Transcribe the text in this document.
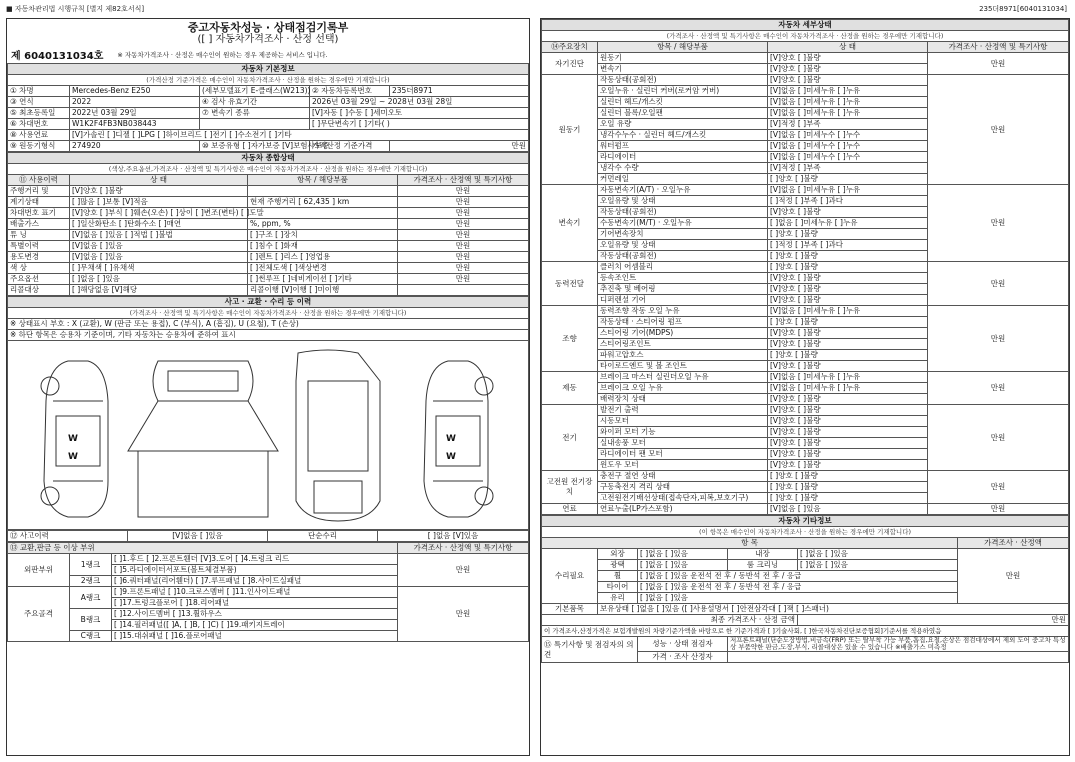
■ 자동차관리법 시행규칙 [별지 제82호서식]	235더8971[6040131034]
중고자동차성능 · 상태점검기록부
([ ] 자동차가격조사 · 산정 선택)
제 6040131034호 ※ 자동차가격조사 · 산정은 매수인이 원하는 경우 제공하는 서비스 입니다.
자동차 기본정보				
(가격산정 기준가격은 매수인이 자동차가격조사 · 산정을 원하는 경우에만 기재합니다)				
① 차명	Mercedes-Benz E250	(세부모델표기 E-클래스(W213))	② 자동차등록번호	235더8971
③ 연식	2022	④ 검사 유효기간	2026년 03월 29일 ~ 2028년 03월 28일	
⑤ 최초등록일	2022년 03월 29일	⑦ 변속기 종류	[V]자동 [ ]수동 [ ]세미오토	
⑥ 차대번호	W1K2F4FB3NB038443		[ ]무단변속기 [ ]기타( )	
⑧ 사용연료	[V]가솔린 [ ]디젤 [ ]LPG [ ]하이브리드 [ ]전기 [ ]수소전기 [ ]기타			
⑨ 원동기형식	274920	⑩ 보증유형 [ ]자가보증 [V]보험사보증	가격산정 기준가격	만원
자동차 종합상태			
(색상,주요옵션,가격조사 · 산정액 및 특기사항은 매수인이 자동차가격조사 · 산정을 원하는 경우에만 기재합니다)			
⑪ 사용이력	상 태	항목 / 해당부품	가격조사 · 산정액 및 특기사항
주행거리 및	[V]양호 [ ]불량		만원
계기상태	[ ]많음 [ ]보통 [V]적음	현재 주행거리 [ 62,435 ] km	만원
차대번호 표기	[V]양호 [ ]부식 [ ]훼손(오손) [ ]상이 [ ]변조(변타) [ ]도말		만원
배출가스	[ ]일산화탄소 [ ]탄화수소 [ ]매연	%, ppm, %	만원
튜 닝	[V]없음 [ ]있음 [ ]적법 [ ]불법	[ ]구조 [ ]장치	만원
특별이력	[V]없음 [ ]있음	[ ]침수 [ ]화재	만원
용도변경	[V]없음 [ ]있음	[ ]렌트 [ ]리스 [ ]영업용	만원
색 상	[ ]무채색 [ ]유채색	[ ]전체도색 [ ]색상변경	만원
주요옵션	[ ]없음 [ ]있음	[ ]썬루프 [ ]네비게이션 [ ]기타	만원
리콜대상	[ ]해당없음 [V]해당	리콜이행 [V]이행 [ ]미이행	
사고 · 교환 · 수리 등 이력
(가격조사 · 산정액 및 특기사항은 매수인이 자동차가격조사 · 산정을 원하는 경우에만 기재합니다)
※ 상태표시 부호 : X (교환), W (판금 또는 용접), C (부식), A (흠집), U (요철), T (손상)
※ 하단 항목은 승용차 기준이며, 기타 자동차는 승용차에 준하여 표시
W
W
W
W
⑫ 사고이력	[V]없음 [ ]있음	단순수리	[ ]없음 [V]있음
⑬ 교환,판금 등 이상 부위			가격조사 · 산정액 및 특기사항
외판부위	1랭크	[ ]1.후드 [ ]2.프론트휀더 [V]3.도어 [ ]4.트렁크 리드	만원
		[ ]5.라디에이터서포트(볼트체결부품)	
	2랭크	[ ]6.쿼터패널(리어휀더) [ ]7.루프패널 [ ]8.사이드실패널	
주요골격	A랭크	[ ]9.프론트패널 [ ]10.크로스멤버 [ ]11.인사이드패널	만원
		[ ]17.트렁크플로어 [ ]18.리어패널	
	B랭크	[ ]12.사이드멤버 [ ]13.휠하우스	
		[ ]14.필러패널([ ]A, [ ]B, [ ]C) [ ]19.패키지트레이	
	C랭크	[ ]15.대쉬패널 [ ]16.플로어패널	
자동차 세부상태			
(가격조사 · 산정액 및 특기사항은 매수인이 자동차가격조사 · 산정을 원하는 경우에만 기재합니다)			
⑭주요장치	항목 / 해당부품	상 태	가격조사 · 산정액 및 특기사항
자기진단	원동기	[V]양호 [ ]불량	만원
	변속기	[V]양호 [ ]불량	
원동기	작동상태(공회전)	[V]양호 [ ]불량	만원
	오일누유 · 실린더 커버(로커암 커버)	[V]없음 [ ]미세누유 [ ]누유	
	실린더 헤드/개스킷	[V]없음 [ ]미세누유 [ ]누유	
	실린더 블록/오일팬	[V]없음 [ ]미세누유 [ ]누유	
	오일 유량	[V]적정 [ ]부족	
	냉각수누수 · 실린더 헤드/개스킷	[V]없음 [ ]미세누수 [ ]누수	
	워터펌프	[V]없음 [ ]미세누수 [ ]누수	
	라디에이터	[V]없음 [ ]미세누수 [ ]누수	
	냉각수 수량	[V]적정 [ ]부족	
	커먼레일	[ ]양호 [ ]불량	
변속기	자동변속기(A/T) · 오일누유	[V]없음 [ ]미세누유 [ ]누유	만원
	오일유량 및 상태	[ ]적정 [ ]부족 [ ]과다	
	작동상태(공회전)	[V]양호 [ ]불량	
	수동변속기(M/T) · 오일누유	[ ]없음 [ ]미세누유 [ ]누유	
	기어변속장치	[ ]양호 [ ]불량	
	오일유량 및 상태	[ ]적정 [ ]부족 [ ]과다	
	작동상태(공회전)	[ ]양호 [ ]불량	
동력전달	클러치 어셈블리	[ ]양호 [ ]불량	만원
	등속조인트	[V]양호 [ ]불량	
	추진축 및 베어링	[V]양호 [ ]불량	
	디퍼렌셜 기어	[V]양호 [ ]불량	
조향	동력조향 작동 오일 누유	[V]없음 [ ]미세누유 [ ]누유	만원
	작동상태 · 스티어링 펌프	[ ]양호 [ ]불량	
	스티어링 기어(MDPS)	[V]양호 [ ]불량	
	스티어링조인트	[V]양호 [ ]불량	
	파워고압호스	[ ]양호 [ ]불량	
	타이로드엔드 및 볼 조인트	[V]양호 [ ]불량	
제동	브레이크 마스터 실린더오일 누유	[V]없음 [ ]미세누유 [ ]누유	만원
	브레이크 오일 누유	[V]없음 [ ]미세누유 [ ]누유	
	배력장치 상태	[V]양호 [ ]불량	
전기	발전기 출력	[V]양호 [ ]불량	만원
	시동모터	[V]양호 [ ]불량	
	와이퍼 모터 기능	[V]양호 [ ]불량	
	실내송풍 모터	[V]양호 [ ]불량	
	라디에이터 팬 모터	[V]양호 [ ]불량	
	윈도우 모터	[V]양호 [ ]불량	
고전원 전기장치	충전구 절연 상태	[ ]양호 [ ]불량	만원
	구동축전지 격리 상태	[ ]양호 [ ]불량	
	고전원전기배선상태(접속단자,피복,보호기구)	[ ]양호 [ ]불량	
연료	연료누출(LP가스포함)	[V]없음 [ ]있음	만원
자동차 기타정보					
(이 항목은 매수인이 자동차가격조사 · 산정을 원하는 경우에만 기재합니다)					
항 목					가격조사 · 산정액
수리필요	외장	[ ]없음 [ ]있음	내장	[ ]없음 [ ]있음	만원
	광택	[ ]없음 [ ]있음	룸 크리닝	[ ]없음 [ ]있음	
	휠	[ ]없음 [ ]있음 운전석 전 후 / 동반석 전 후 / 응급			
	타이어	[ ]없음 [ ]있음 운전석 전 후 / 동반석 전 후 / 응급			
	유리	[ ]없음 [ ]있음			
기본품목	보유상태 [ ]없음 [ ]있음 ([ ]사용설명서 [ ]안전삼각대 [ ]잭 [ ]스패너)				
최종 가격조사 · 산정 금액				만원	
이 가격조사,산정가격은 보험개발원의 차량기준가액을 바탕으로 한 기준가격과 [ ]기술사회, [ ]한국자동차진단보증협회]기준서를 적용하였음					
⑮ 특기사항 및 점검자의 의견		성능 · 상태 점검자	저프론트패널(단순도장방법,비금속(FRP) 또는 탈부착 가능 부품,흡집,요철,손상은 점검대상에서 제외 도어 중고차 특성 상 부품약한 판금,도장,부식, 리콜대상은 있을 수 있습니다 ※배출가스 미측정		
		가격 · 조사 산정자			
